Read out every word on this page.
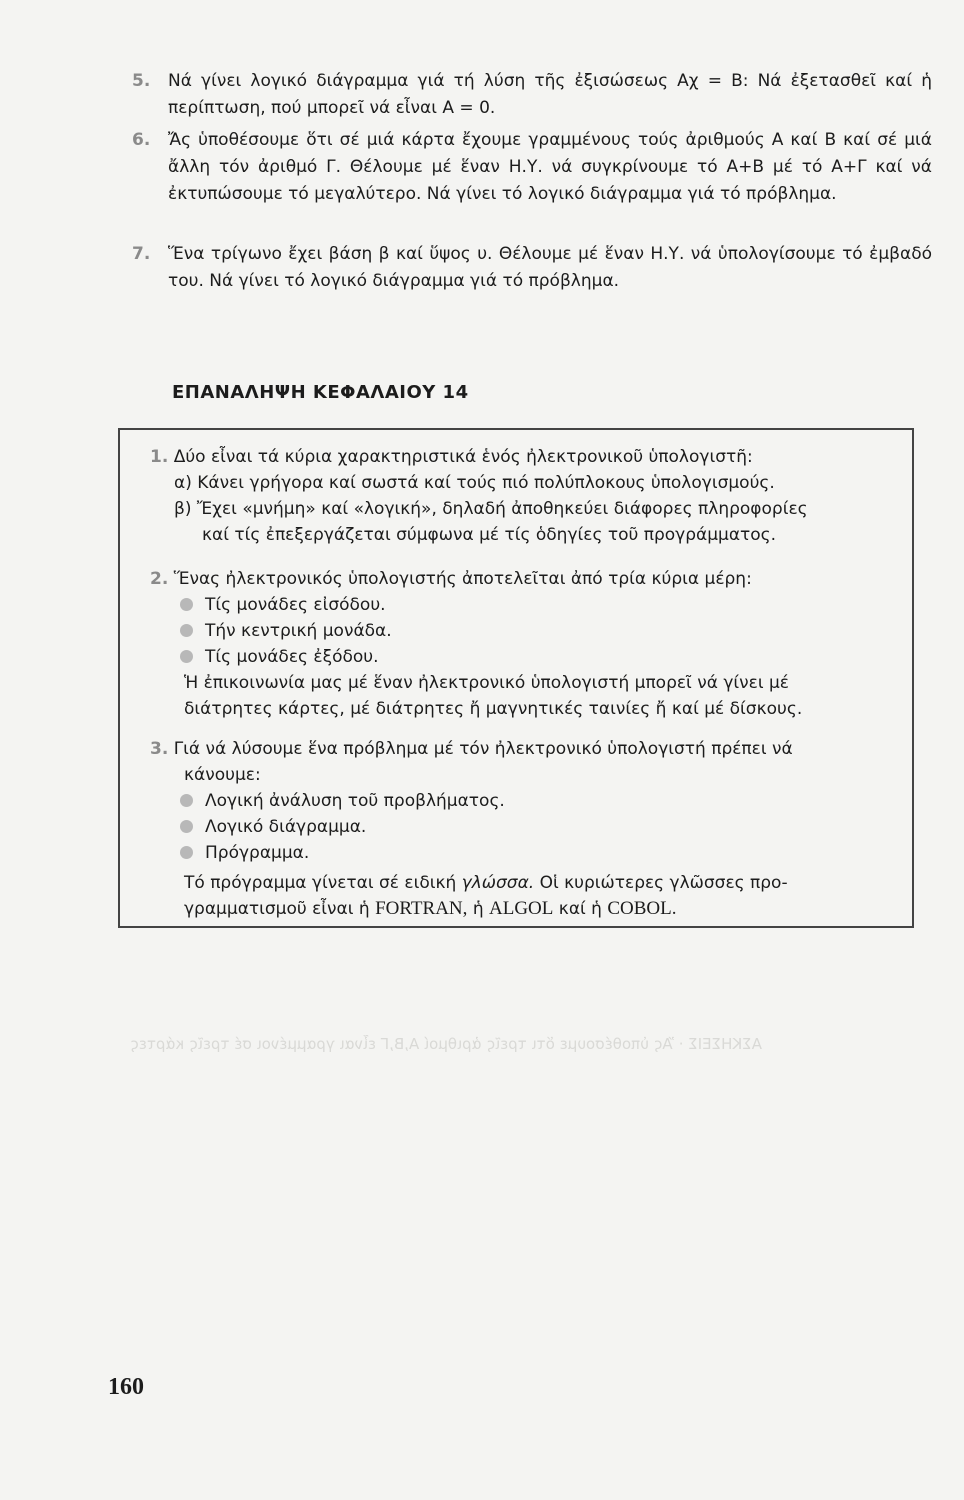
ΑΣΚΗΣΕΙΣ · Ἄς ὑποθέσουμε ὅτι τρεῖς ἀριθμοί Α,Β,Γ εἶναι γραμμένοι σέ τρεῖς κάρτες
5. Νά γίνει λογικό διάγραμμα γιά τή λύση τῆς ἐξισώσεως Αχ = Β: Νά ἐξετασθεῖ καί ἡ περίπτωση, πού μπορεῖ νά εἶναι Α = 0.
6. Ἄς ὑποθέσουμε ὅτι σέ μιά κάρτα ἔχουμε γραμμένους τούς ἀριθμούς Α καί Β καί σέ μιά ἄλλη τόν ἀριθμό Γ. Θέλουμε μέ ἕναν Η.Υ. νά συγκρίνουμε τό Α+Β μέ τό Α+Γ καί νά ἐκτυπώσουμε τό μεγαλύτερο. Νά γίνει τό λογικό διάγραμμα γιά τό πρόβλημα.
7. Ἕνα τρίγωνο ἔχει βάση β καί ὕψος υ. Θέλουμε μέ ἕναν Η.Υ. νά ὑπολογίσουμε τό ἐμβαδό του. Νά γίνει τό λογικό διάγραμμα γιά τό πρόβλημα.
ΕΠΑΝΑΛΗΨΗ ΚΕΦΑΛΑΙΟΥ 14
1. Δύο εἶναι τά κύρια χαρακτηριστικά ἑνός ἠλεκτρονικοῦ ὑπολογιστῆ:
α) Κάνει γρήγορα καί σωστά καί τούς πιό πολύπλοκους ὑπολογισμούς.
β) Ἔχει «μνήμη» καί «λογική», δηλαδή ἀποθηκεύει διάφορες πληροφορίες
καί τίς ἐπεξεργάζεται σύμφωνα μέ τίς ὁδηγίες τοῦ προγράμματος.
2. Ἕνας ἠλεκτρονικός ὑπολογιστής ἀποτελεῖται ἀπό τρία κύρια μέρη:
Τίς μονάδες εἰσόδου.
Τήν κεντρική μονάδα.
Τίς μονάδες ἐξόδου.
Ἡ ἐπικοινωνία μας μέ ἕναν ἠλεκτρονικό ὑπολογιστή μπορεῖ νά γίνει μέ
διάτρητες κάρτες, μέ διάτρητες ἤ μαγνητικές ταινίες ἤ καί μέ δίσκους.
3. Γιά νά λύσουμε ἕνα πρόβλημα μέ τόν ἠλεκτρονικό ὑπολογιστή πρέπει νά
κάνουμε:
Λογική ἀνάλυση τοῦ προβλήματος.
Λογικό διάγραμμα.
Πρόγραμμα.
Τό πρόγραμμα γίνεται σέ ειδική γλώσσα. Οἱ κυριώτερες γλῶσσες προ-
γραμματισμοῦ εἶναι ἡ FORTRAN, ἡ ALGOL καί ἡ COBOL.
160
